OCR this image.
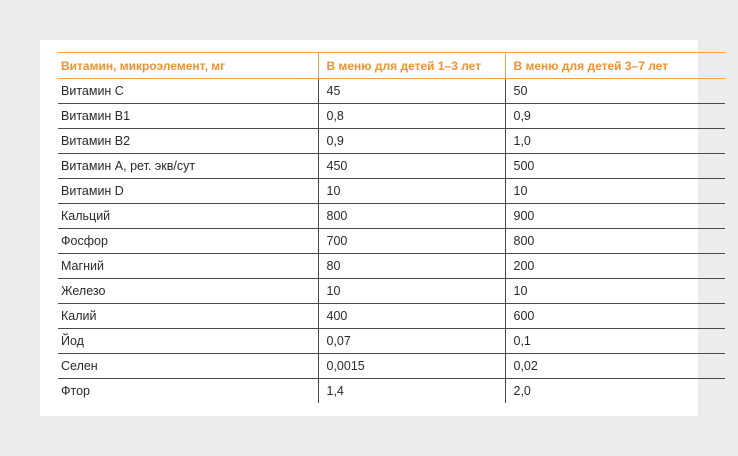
Витамин, микроэлемент, мг	В меню для детей 1–3 лет	В меню для детей 3–7 лет
Витамин С	45	50
Витамин В1	0,8	0,9
Витамин В2	0,9	1,0
Витамин А, рет. экв/сут	450	500
Витамин D	10	10
Кальций	800	900
Фосфор	700	800
Магний	80	200
Железо	10	10
Калий	400	600
Йод	0,07	0,1
Селен	0,0015	0,02
Фтор	1,4	2,0
